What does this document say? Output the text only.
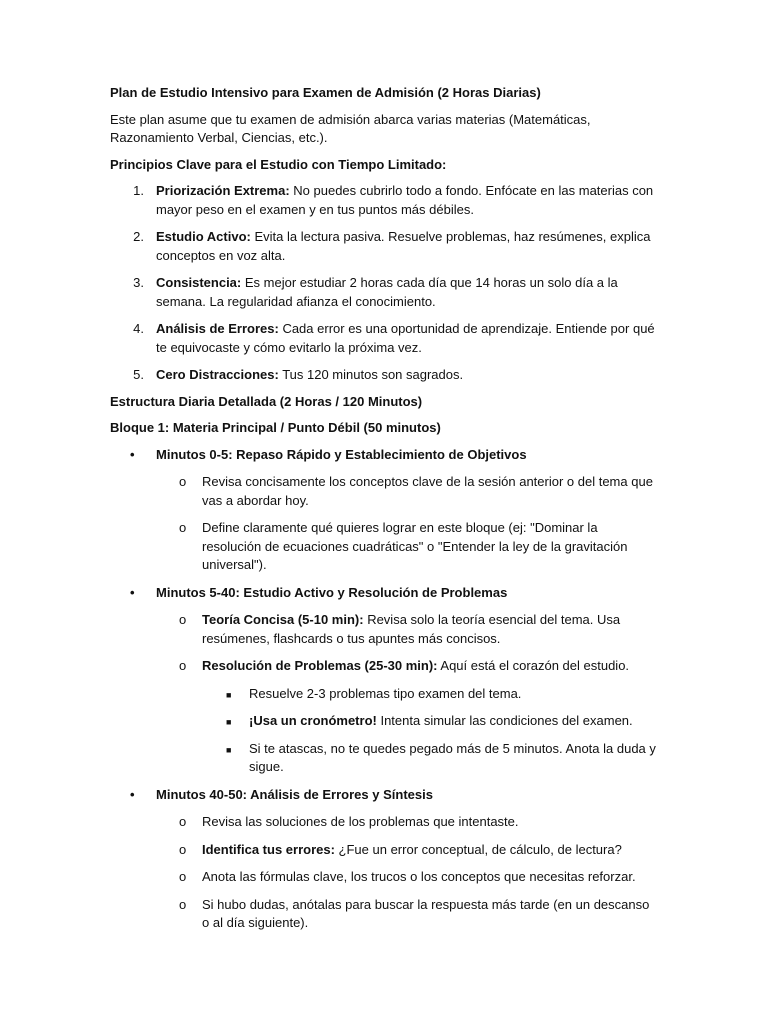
Plan de Estudio Intensivo para Examen de Admisión (2 Horas Diarias)

Este plan asume que tu examen de admisión abarca varias materias (Matemáticas, Razonamiento Verbal, Ciencias, etc.).

Principios Clave para el Estudio con Tiempo Limitado:

1. Priorización Extrema: No puedes cubrirlo todo a fondo. Enfócate en las materias con mayor peso en el examen y en tus puntos más débiles.
2. Estudio Activo: Evita la lectura pasiva. Resuelve problemas, haz resúmenes, explica conceptos en voz alta.
3. Consistencia: Es mejor estudiar 2 horas cada día que 14 horas un solo día a la semana. La regularidad afianza el conocimiento.
4. Análisis de Errores: Cada error es una oportunidad de aprendizaje. Entiende por qué te equivocaste y cómo evitarlo la próxima vez.
5. Cero Distracciones: Tus 120 minutos son sagrados.

Estructura Diaria Detallada (2 Horas / 120 Minutos)

Bloque 1: Materia Principal / Punto Débil (50 minutos)

• Minutos 0-5: Repaso Rápido y Establecimiento de Objetivos
o Revisa concisamente los conceptos clave de la sesión anterior o del tema que vas a abordar hoy.
o Define claramente qué quieres lograr en este bloque (ej: "Dominar la resolución de ecuaciones cuadráticas" o "Entender la ley de la gravitación universal").
• Minutos 5-40: Estudio Activo y Resolución de Problemas
o Teoría Concisa (5-10 min): Revisa solo la teoría esencial del tema. Usa resúmenes, flashcards o tus apuntes más concisos.
o Resolución de Problemas (25-30 min): Aquí está el corazón del estudio.
■ Resuelve 2-3 problemas tipo examen del tema.
■ ¡Usa un cronómetro! Intenta simular las condiciones del examen.
■ Si te atascas, no te quedes pegado más de 5 minutos. Anota la duda y sigue.
• Minutos 40-50: Análisis de Errores y Síntesis
o Revisa las soluciones de los problemas que intentaste.
o Identifica tus errores: ¿Fue un error conceptual, de cálculo, de lectura?
o Anota las fórmulas clave, los trucos o los conceptos que necesitas reforzar.
o Si hubo dudas, anótalas para buscar la respuesta más tarde (en un descanso o al día siguiente).
